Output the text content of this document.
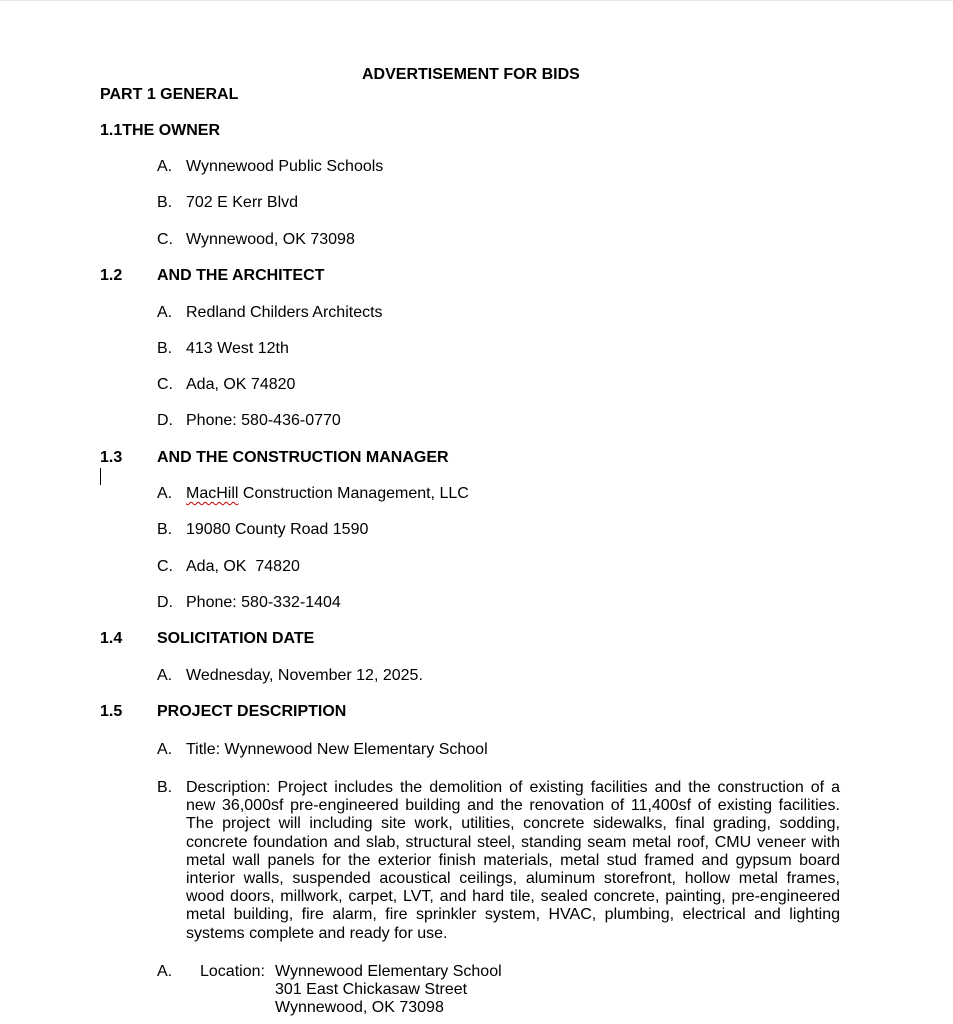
ADVERTISEMENT FOR BIDS
PART 1 GENERAL
1.1THE OWNER
A. Wynnewood Public Schools
B. 702 E Kerr Blvd
C. Wynnewood, OK 73098
1.2 AND THE ARCHITECT
A. Redland Childers Architects
B. 413 West 12th
C. Ada, OK 74820
D. Phone: 580-436-0770
1.3 AND THE CONSTRUCTION MANAGER
A. MacHill Construction Management, LLC
B. 19080 County Road 1590
C. Ada, OK  74820
D. Phone: 580-332-1404
1.4 SOLICITATION DATE
A. Wednesday, November 12, 2025.
1.5 PROJECT DESCRIPTION
A. Title: Wynnewood New Elementary School
B. Description: Project includes the demolition of existing facilities and the construction of a new 36,000sf pre-engineered building and the renovation of 11,400sf of existing facilities. The project will including site work, utilities, concrete sidewalks, final grading, sodding, concrete foundation and slab, structural steel, standing seam metal roof, CMU veneer with metal wall panels for the exterior finish materials, metal stud framed and gypsum board interior walls, suspended acoustical ceilings, aluminum storefront, hollow metal frames, wood doors, millwork, carpet, LVT, and hard tile, sealed concrete, painting, pre-engineered metal building, fire alarm, fire sprinkler system, HVAC, plumbing, electrical and lighting systems complete and ready for use.
A. Location: Wynnewood Elementary School
301 East Chickasaw Street
Wynnewood, OK 73098
